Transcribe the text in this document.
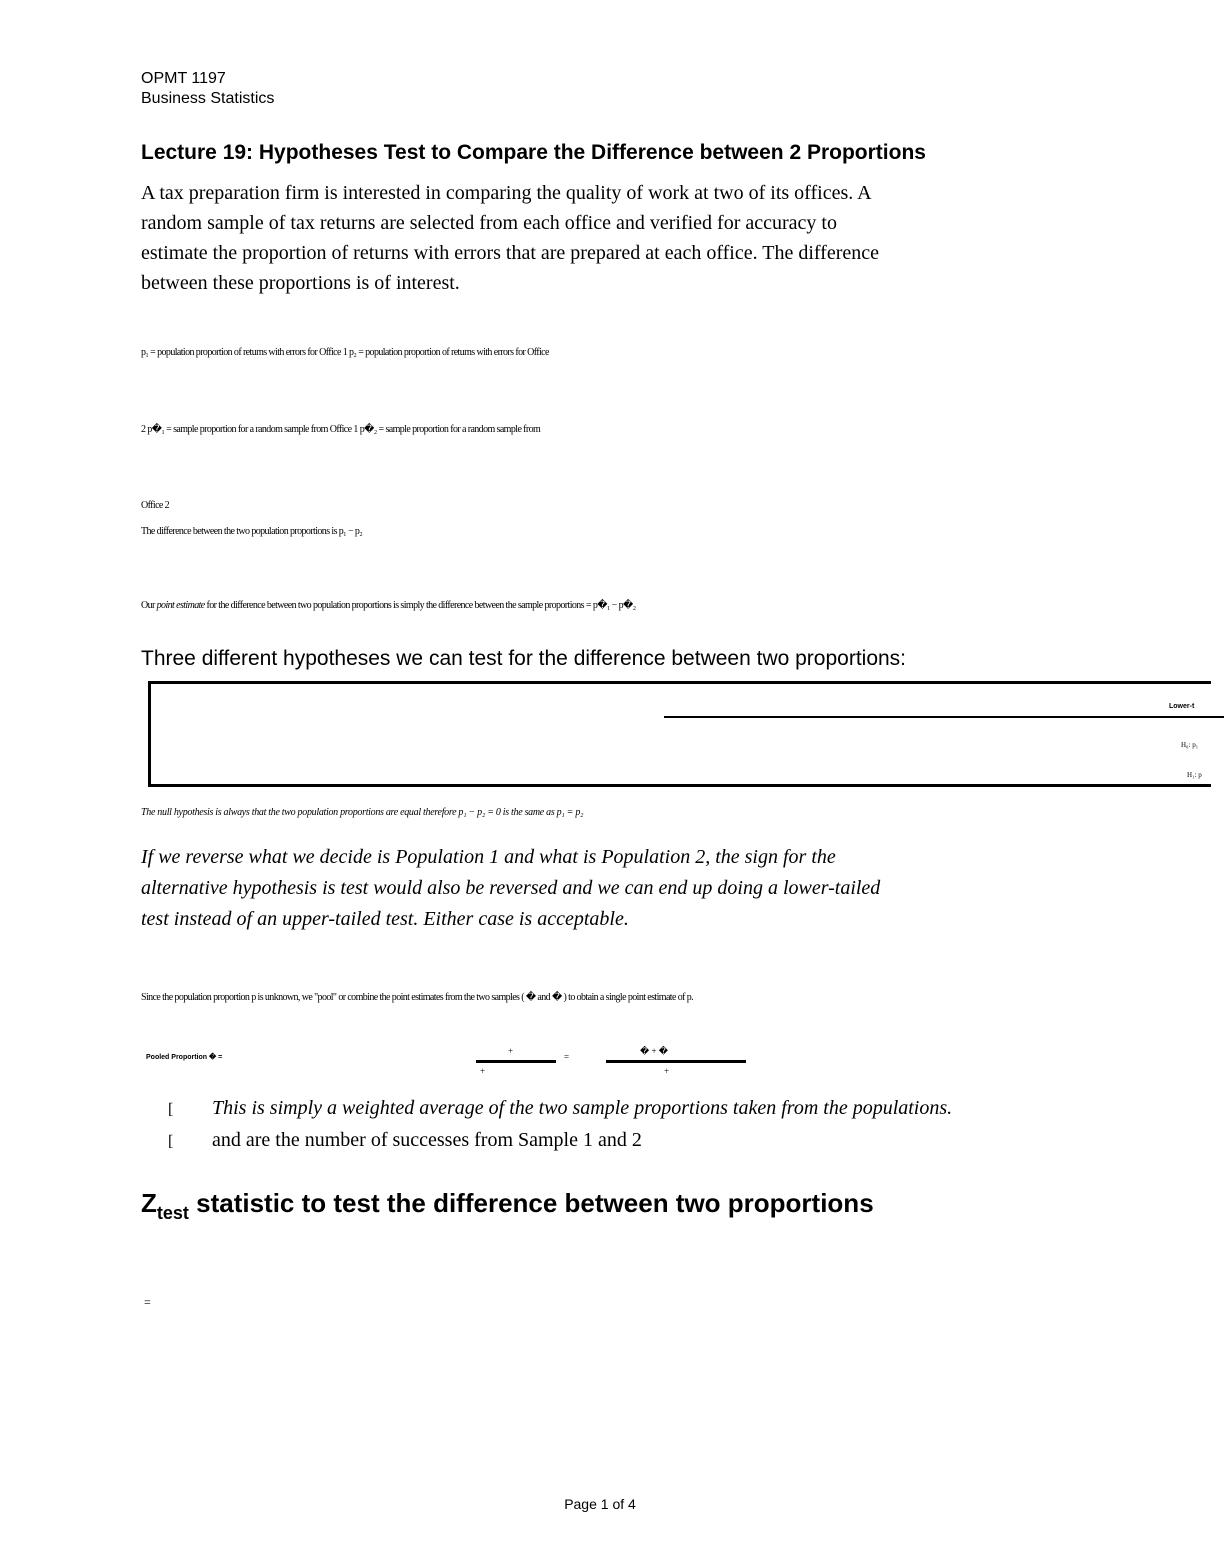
OPMT 1197
Business Statistics
Lecture 19: Hypotheses Test to Compare the Difference between 2 Proportions
A tax preparation firm is interested in comparing the quality of work at two of its offices. A
random sample of tax returns are selected from each office and verified for accuracy to
estimate the proportion of returns with errors that are prepared at each office. The difference
between these proportions is of interest.
p₁ = population proportion of returns with errors for Office 1 p₂ = population proportion of returns with errors for Office
2 p�₁ = sample proportion for a random sample from Office 1 p�₂ = sample proportion for a random sample from
Office 2
The difference between the two population proportions is p₁ − p₂
Our point estimate for the difference between two population proportions is simply the difference between the sample proportions = p�₁ − p�₂
Three different hypotheses we can test for the difference between two proportions:
Lower-t
H₀: p₁
H₁: p
The null hypothesis is always that the two population proportions are equal therefore p₁ − p₂ = 0 is the same as p₁ = p₂
If we reverse what we decide is Population 1 and what is Population 2, the sign for the
alternative hypothesis is test would also be reversed and we can end up doing a lower-tailed
test instead of an upper-tailed test. Either case is acceptable.
Since the population proportion p is unknown, we "pool" or combine the point estimates from the two samples ( � and � ) to obtain a single point estimate of p.
Pooled Proportion � =
+
+
=
� + �
+
[ This is simply a weighted average of the two sample proportions taken from the populations.
[ and are the number of successes from Sample 1 and 2
$Z_{test}$ statistic to test the difference between two proportions
=
Page 1 of 4
